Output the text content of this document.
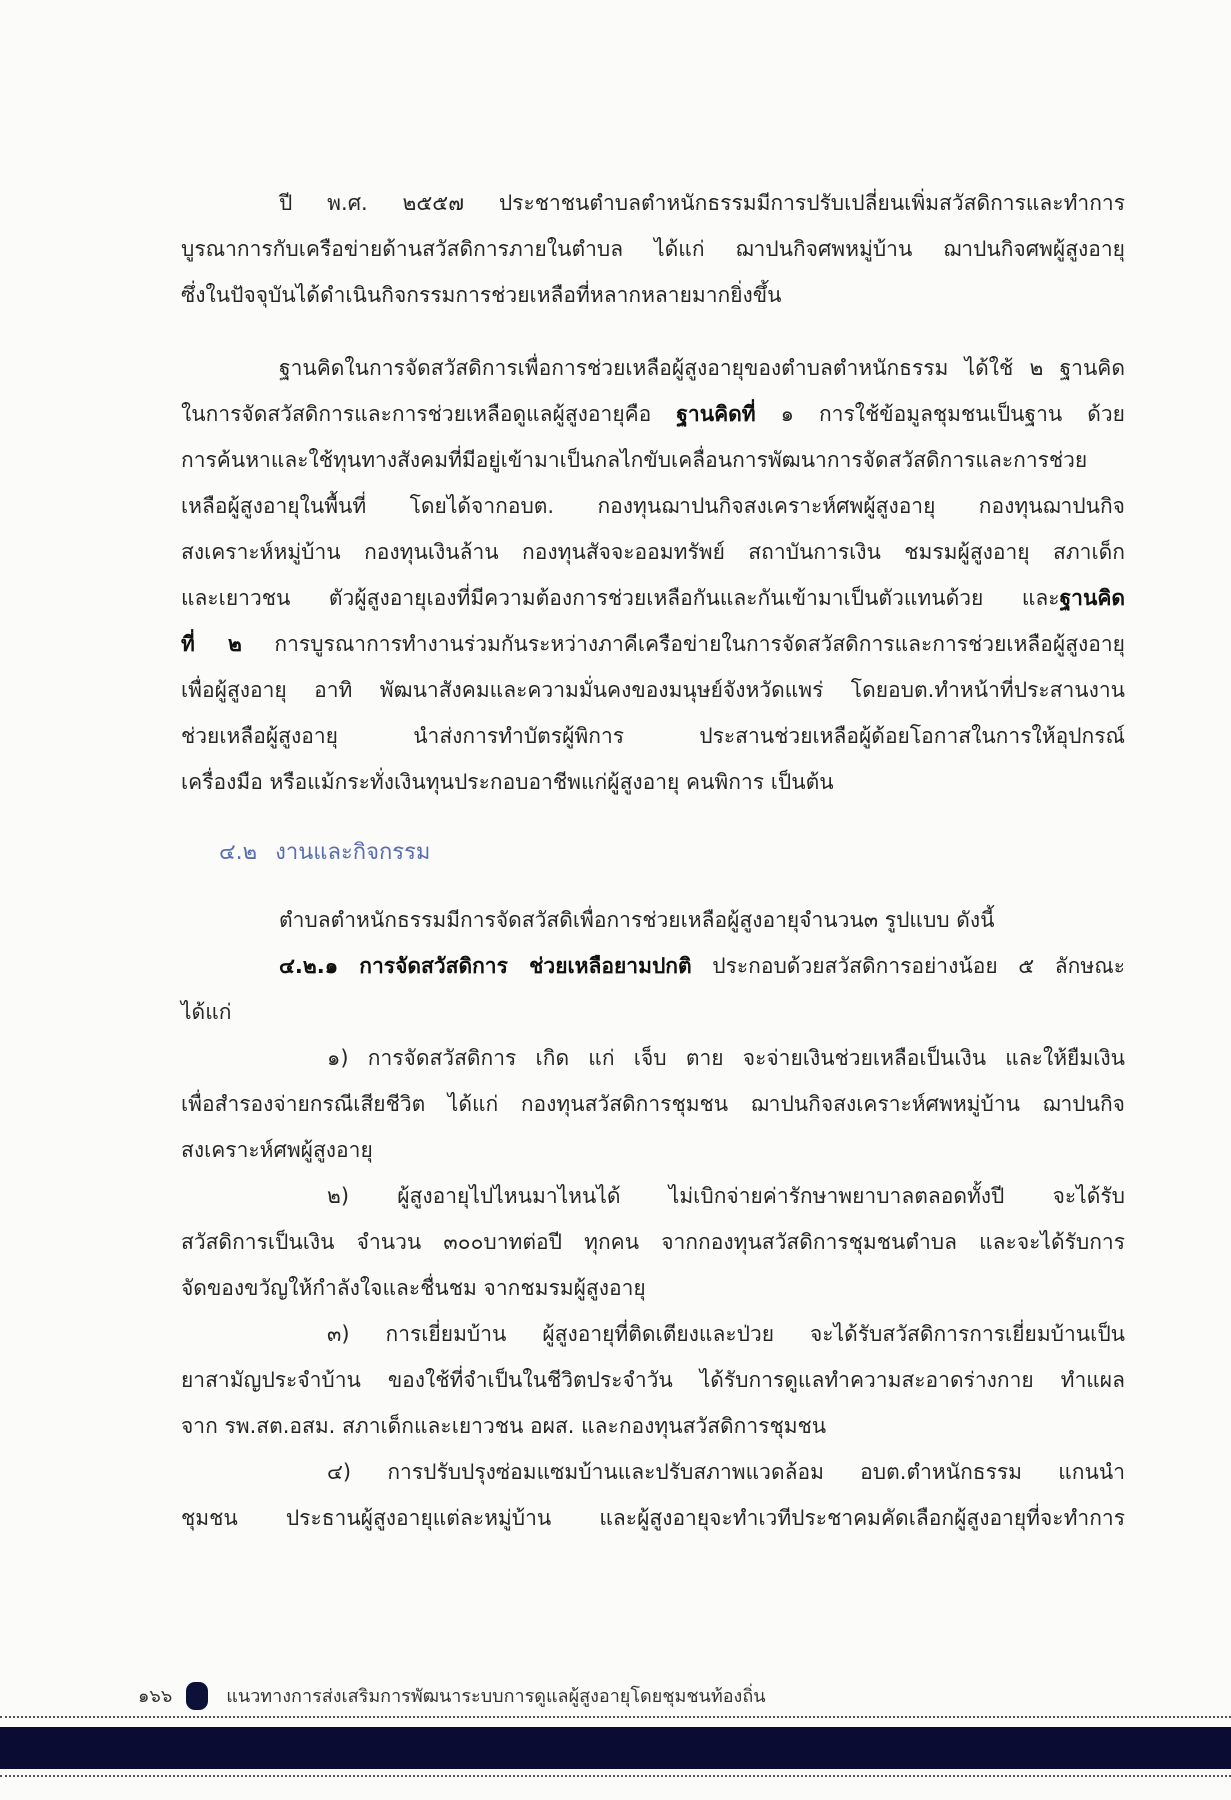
ปี พ.ศ. ๒๕๕๗ ประชาชนตำบลตำหนักธรรมมีการปรับเปลี่ยนเพิ่มสวัสดิการและทำการ
บูรณาการกับเครือข่ายด้านสวัสดิการภายในตำบล ได้แก่ ฌาปนกิจศพหมู่บ้าน ฌาปนกิจศพผู้สูงอายุ
ซึ่งในปัจจุบันได้ดำเนินกิจกรรมการช่วยเหลือที่หลากหลายมากยิ่งขึ้น
ฐานคิดในการจัดสวัสดิการเพื่อการช่วยเหลือผู้สูงอายุของตำบลตำหนักธรรม ได้ใช้ ๒ ฐานคิด
ในการจัดสวัสดิการและการช่วยเหลือดูแลผู้สูงอายุคือ ฐานคิดที่ ๑ การใช้ข้อมูลชุมชนเป็นฐาน ด้วย
การค้นหาและใช้ทุนทางสังคมที่มีอยู่เข้ามาเป็นกลไกขับเคลื่อนการพัฒนาการจัดสวัสดิการและการช่วย
เหลือผู้สูงอายุในพื้นที่ โดยได้จากอบต. กองทุนฌาปนกิจสงเคราะห์ศพผู้สูงอายุ กองทุนฌาปนกิจ
สงเคราะห์หมู่บ้าน กองทุนเงินล้าน กองทุนสัจจะออมทรัพย์ สถาบันการเงิน ชมรมผู้สูงอายุ สภาเด็ก
และเยาวชน ตัวผู้สูงอายุเองที่มีความต้องการช่วยเหลือกันและกันเข้ามาเป็นตัวแทนด้วย และฐานคิด
ที่ ๒ การบูรณาการทำงานร่วมกันระหว่างภาคีเครือข่ายในการจัดสวัสดิการและการช่วยเหลือผู้สูงอายุ
เพื่อผู้สูงอายุ อาทิ พัฒนาสังคมและความมั่นคงของมนุษย์จังหวัดแพร่ โดยอบต.ทำหน้าที่ประสานงาน
ช่วยเหลือผู้สูงอายุ นำส่งการทำบัตรผู้พิการ ประสานช่วยเหลือผู้ด้อยโอกาสในการให้อุปกรณ์
เครื่องมือ หรือแม้กระทั่งเงินทุนประกอบอาชีพแก่ผู้สูงอายุ คนพิการ เป็นต้น
๔.๒ งานและกิจกรรม
ตำบลตำหนักธรรมมีการจัดสวัสดิเพื่อการช่วยเหลือผู้สูงอายุจำนวน๓ รูปแบบ ดังนี้
๔.๒.๑ การจัดสวัสดิการ ช่วยเหลือยามปกติ ประกอบด้วยสวัสดิการอย่างน้อย ๕ ลักษณะ
ได้แก่
๑) การจัดสวัสดิการ เกิด แก่ เจ็บ ตาย จะจ่ายเงินช่วยเหลือเป็นเงิน และให้ยืมเงิน
เพื่อสำรองจ่ายกรณีเสียชีวิต ได้แก่ กองทุนสวัสดิการชุมชน ฌาปนกิจสงเคราะห์ศพหมู่บ้าน ฌาปนกิจ
สงเคราะห์ศพผู้สูงอายุ
๒) ผู้สูงอายุไปไหนมาไหนได้ ไม่เบิกจ่ายค่ารักษาพยาบาลตลอดทั้งปี จะได้รับ
สวัสดิการเป็นเงิน จำนวน ๓๐๐บาทต่อปี ทุกคน จากกองทุนสวัสดิการชุมชนตำบล และจะได้รับการ
จัดของขวัญให้กำลังใจและชื่นชม จากชมรมผู้สูงอายุ
๓) การเยี่ยมบ้าน ผู้สูงอายุที่ติดเตียงและป่วย จะได้รับสวัสดิการการเยี่ยมบ้านเป็น
ยาสามัญประจำบ้าน ของใช้ที่จำเป็นในชีวิตประจำวัน ได้รับการดูแลทำความสะอาดร่างกาย ทำแผล
จาก รพ.สต.อสม. สภาเด็กและเยาวชน อผส. และกองทุนสวัสดิการชุมชน
๔) การปรับปรุงซ่อมแซมบ้านและปรับสภาพแวดล้อม อบต.ตำหนักธรรม แกนนำ
ชุมชน ประธานผู้สูงอายุแต่ละหมู่บ้าน และผู้สูงอายุจะทำเวทีประชาคมคัดเลือกผู้สูงอายุที่จะทำการ
๑๖๖	แนวทางการส่งเสริมการพัฒนาระบบการดูแลผู้สูงอายุโดยชุมชนท้องถิ่น
